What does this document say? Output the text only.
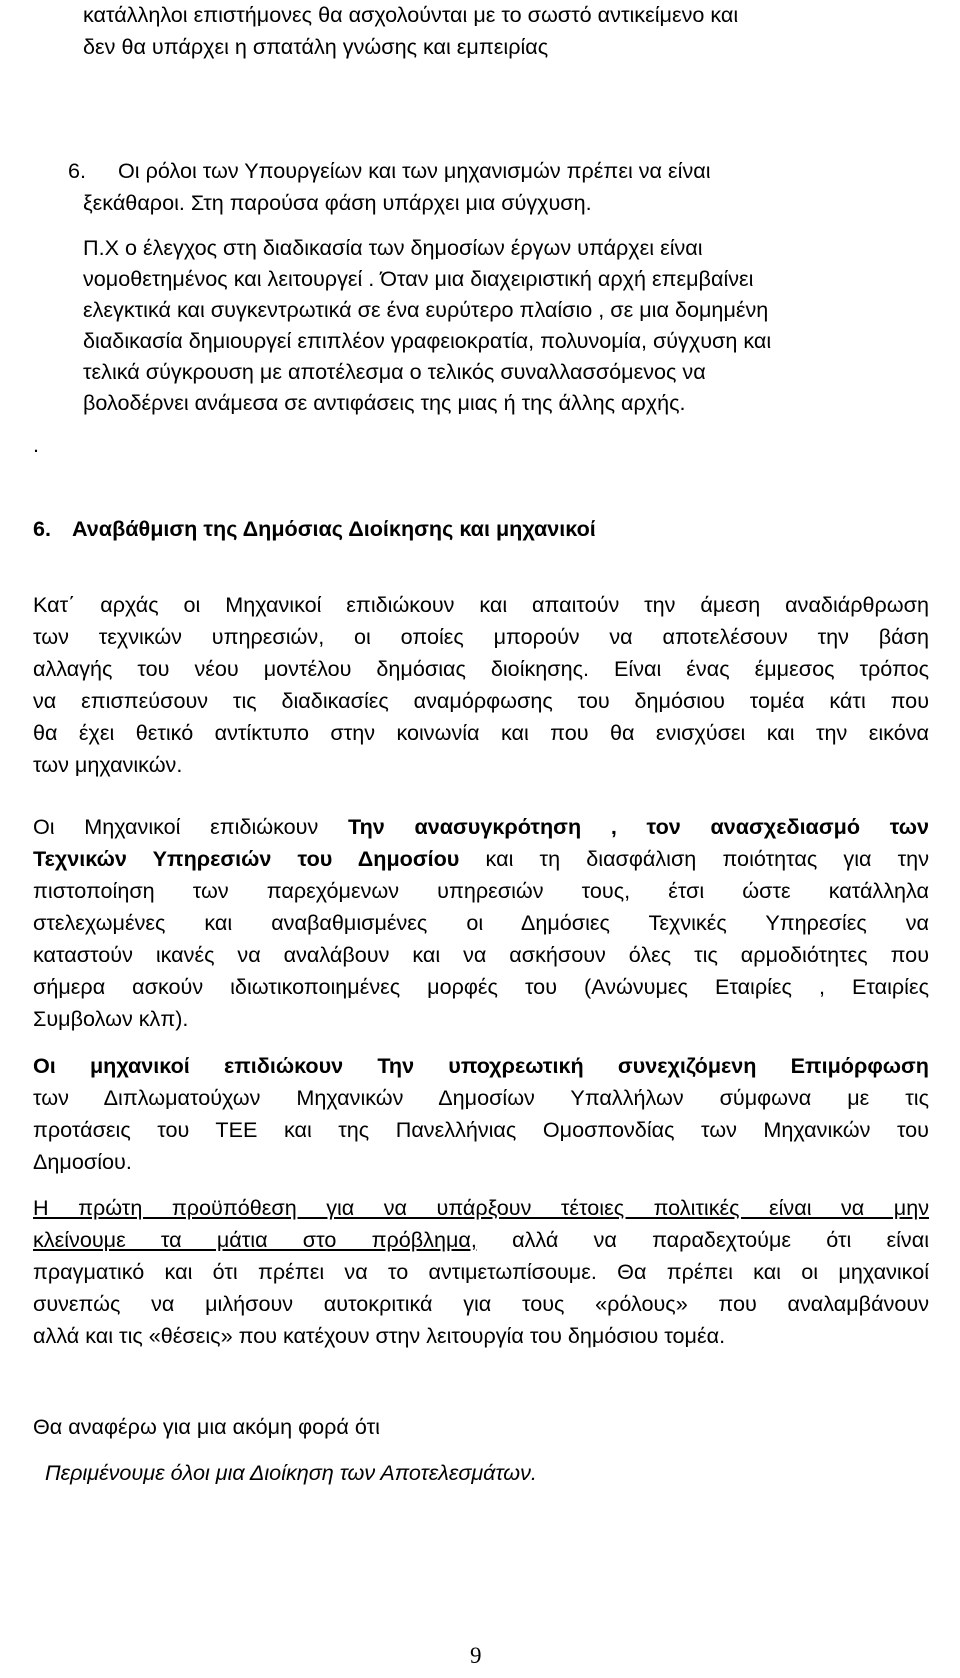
κατάλληλοι επιστήμονες θα ασχολούνται με το σωστό αντικείμενο και
δεν θα υπάρχει η σπατάλη γνώσης και εμπειρίας
6. Οι ρόλοι των Υπουργείων και των μηχανισμών πρέπει να είναι
ξεκάθαροι. Στη παρούσα φάση υπάρχει μια σύγχυση.
Π.Χ ο έλεγχος στη διαδικασία των δημοσίων έργων υπάρχει είναι
νομοθετημένος και λειτουργεί . Όταν μια διαχειριστική αρχή επεμβαίνει
ελεγκτικά και συγκεντρωτικά σε ένα ευρύτερο πλαίσιο , σε μια δομημένη
διαδικασία δημιουργεί επιπλέον γραφειοκρατία, πολυνομία, σύγχυση και
τελικά σύγκρουση με αποτέλεσμα ο τελικός συναλλασσόμενος να
βολοδέρνει ανάμεσα σε αντιφάσεις της μιας ή της άλλης αρχής.
.
6. Αναβάθμιση της Δημόσιας Διοίκησης και μηχανικοί
Κατ΄ αρχάς οι Μηχανικοί επιδιώκουν και απαιτούν την άμεση αναδιάρθρωση
των τεχνικών υπηρεσιών, οι οποίες μπορούν να αποτελέσουν την βάση
αλλαγής του νέου μοντέλου δημόσιας διοίκησης. Είναι ένας έμμεσος τρόπος
να επισπεύσουν τις διαδικασίες αναμόρφωσης του δημόσιου τομέα κάτι που
θα έχει θετικό αντίκτυπο στην κοινωνία και που θα ενισχύσει και την εικόνα
των μηχανικών.
Οι Μηχανικοί επιδιώκουν Την ανασυγκρότηση , τον ανασχεδιασμό των
Τεχνικών Υπηρεσιών του Δημοσίου και τη διασφάλιση ποιότητας για την
πιστοποίηση των παρεχόμενων υπηρεσιών τους, έτσι ώστε κατάλληλα
στελεχωμένες και αναβαθμισμένες οι Δημόσιες Τεχνικές Υπηρεσίες να
καταστούν ικανές να αναλάβουν και να ασκήσουν όλες τις αρμοδιότητες που
σήμερα ασκούν ιδιωτικοποιημένες μορφές του (Ανώνυμες Εταιρίες , Εταιρίες
Συμβολων κλπ).
Οι μηχανικοί επιδιώκουν Την υποχρεωτική συνεχιζόμενη Επιμόρφωση
των Διπλωματούχων Μηχανικών Δημοσίων Υπαλλήλων σύμφωνα με τις
προτάσεις του ΤΕΕ και της Πανελλήνιας Ομοσπονδίας των Μηχανικών του
Δημοσίου.
Η πρώτη προϋπόθεση για να υπάρξουν τέτοιες πολιτικές είναι να μην
κλείνουμε τα μάτια στο πρόβλημα, αλλά να παραδεχτούμε ότι είναι
πραγματικό και ότι πρέπει να το αντιμετωπίσουμε. Θα πρέπει και οι μηχανικοί
συνεπώς να μιλήσουν αυτοκριτικά για τους «ρόλους» που αναλαμβάνουν
αλλά και τις «θέσεις» που κατέχουν στην λειτουργία του δημόσιου τομέα.
Θα αναφέρω για μια ακόμη φορά ότι
Περιμένουμε όλοι μια Διοίκηση των Αποτελεσμάτων.
9
